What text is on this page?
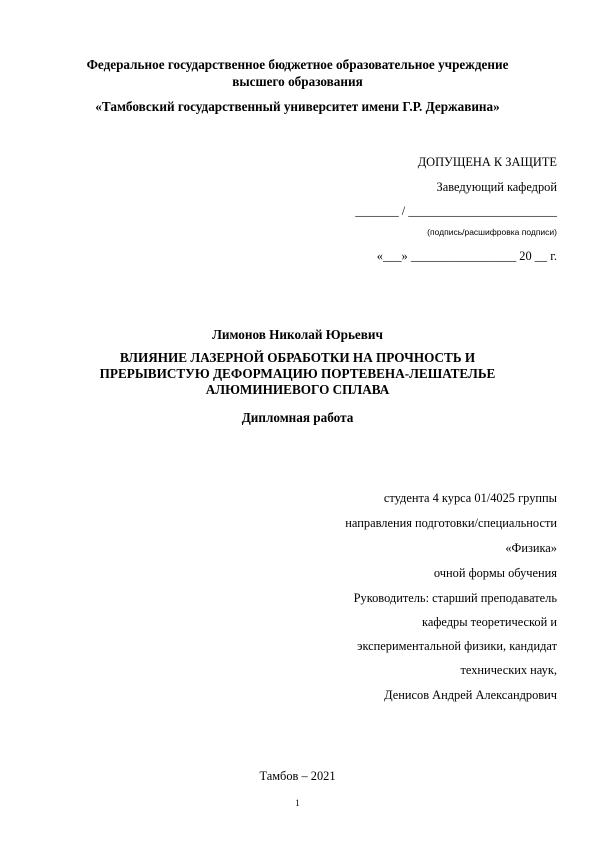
Федеральное государственное бюджетное образовательное учреждение
высшего образования
«Тамбовский государственный университет имени Г.Р. Державина»
ДОПУЩЕНА К ЗАЩИТЕ
Заведующий кафедрой
_______ / ________________________
(подпись/расшифровка подписи)
«___» _________________ 20 __ г.
Лимонов Николай Юрьевич
ВЛИЯНИЕ ЛАЗЕРНОЙ ОБРАБОТКИ НА ПРОЧНОСТЬ И
ПРЕРЫВИСТУЮ ДЕФОРМАЦИЮ ПОРТЕВЕНА-ЛЕШАТЕЛЬЕ
АЛЮМИНИЕВОГО СПЛАВА
Дипломная работа
студента 4 курса 01/4025 группы
направления подготовки/специальности
«Физика»
очной формы обучения
Руководитель: старший преподаватель
кафедры теоретической и
экспериментальной физики, кандидат
технических наук,
Денисов Андрей Александрович
Тамбов – 2021
1
